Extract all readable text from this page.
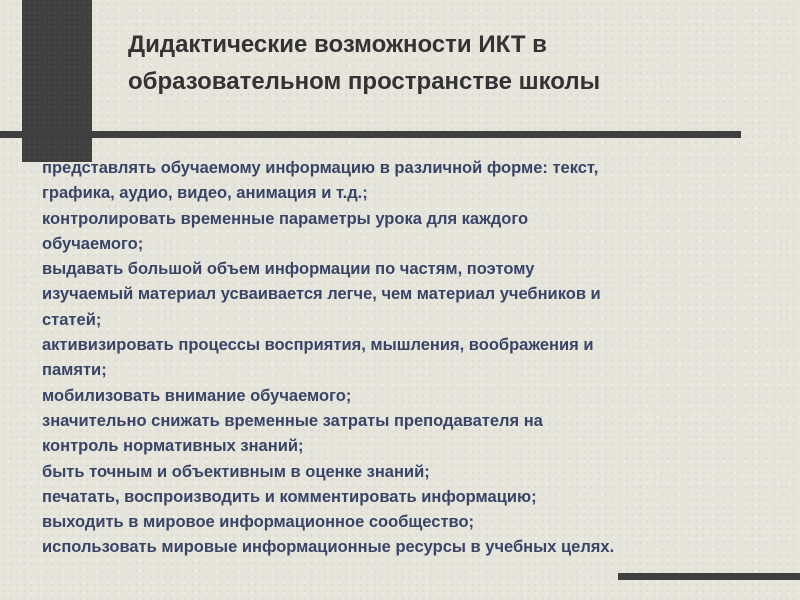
Дидактические возможности ИКТ в
образовательном пространстве школы
представлять обучаемому информацию в различной форме: текст,
графика, аудио, видео, анимация и т.д.;
контролировать временные параметры урока для каждого
обучаемого;
выдавать большой объем информации по частям, поэтому
изучаемый материал усваивается легче, чем материал учебников и
статей;
активизировать процессы восприятия, мышления, воображения и
памяти;
мобилизовать внимание обучаемого;
значительно снижать временные затраты преподавателя на
контроль нормативных знаний;
быть точным и объективным в оценке знаний;
печатать, воспроизводить и комментировать информацию;
выходить в мировое информационное сообщество;
использовать мировые информационные ресурсы в учебных целях.
